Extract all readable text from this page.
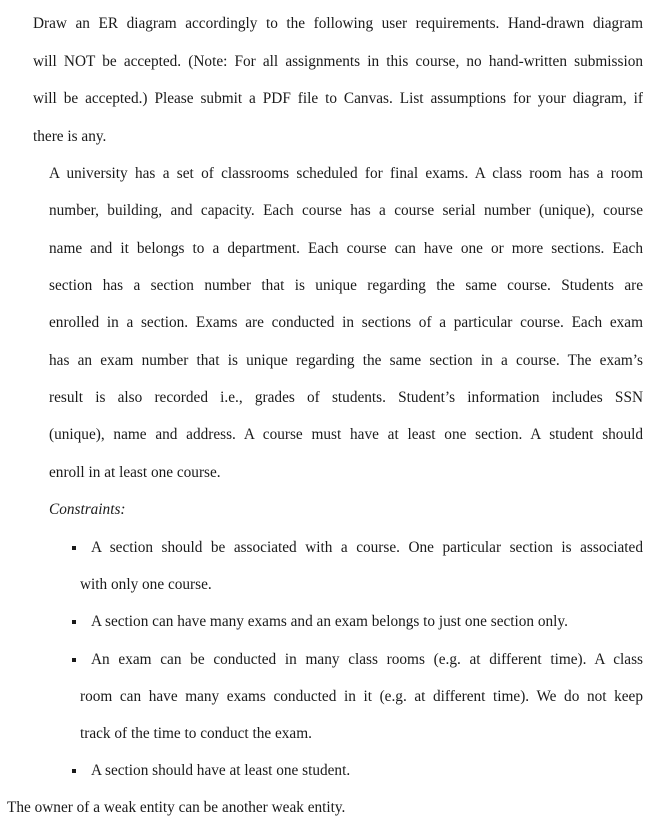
Draw an ER diagram accordingly to the following user requirements. Hand-drawn diagram
will NOT be accepted. (Note: For all assignments in this course, no hand-written submission
will be accepted.) Please submit a PDF file to Canvas. List assumptions for your diagram, if
there is any.
A university has a set of classrooms scheduled for final exams. A class room has a room
number, building, and capacity. Each course has a course serial number (unique), course
name and it belongs to a department. Each course can have one or more sections. Each
section has a section number that is unique regarding the same course. Students are
enrolled in a section. Exams are conducted in sections of a particular course. Each exam
has an exam number that is unique regarding the same section in a course. The exam’s
result is also recorded i.e., grades of students. Student’s information includes SSN
(unique), name and address. A course must have at least one section. A student should
enroll in at least one course.
Constraints:
A section should be associated with a course. One particular section is associated
with only one course.
A section can have many exams and an exam belongs to just one section only.
An exam can be conducted in many class rooms (e.g. at different time). A class
room can have many exams conducted in it (e.g. at different time). We do not keep
track of the time to conduct the exam.
A section should have at least one student.
The owner of a weak entity can be another weak entity.
